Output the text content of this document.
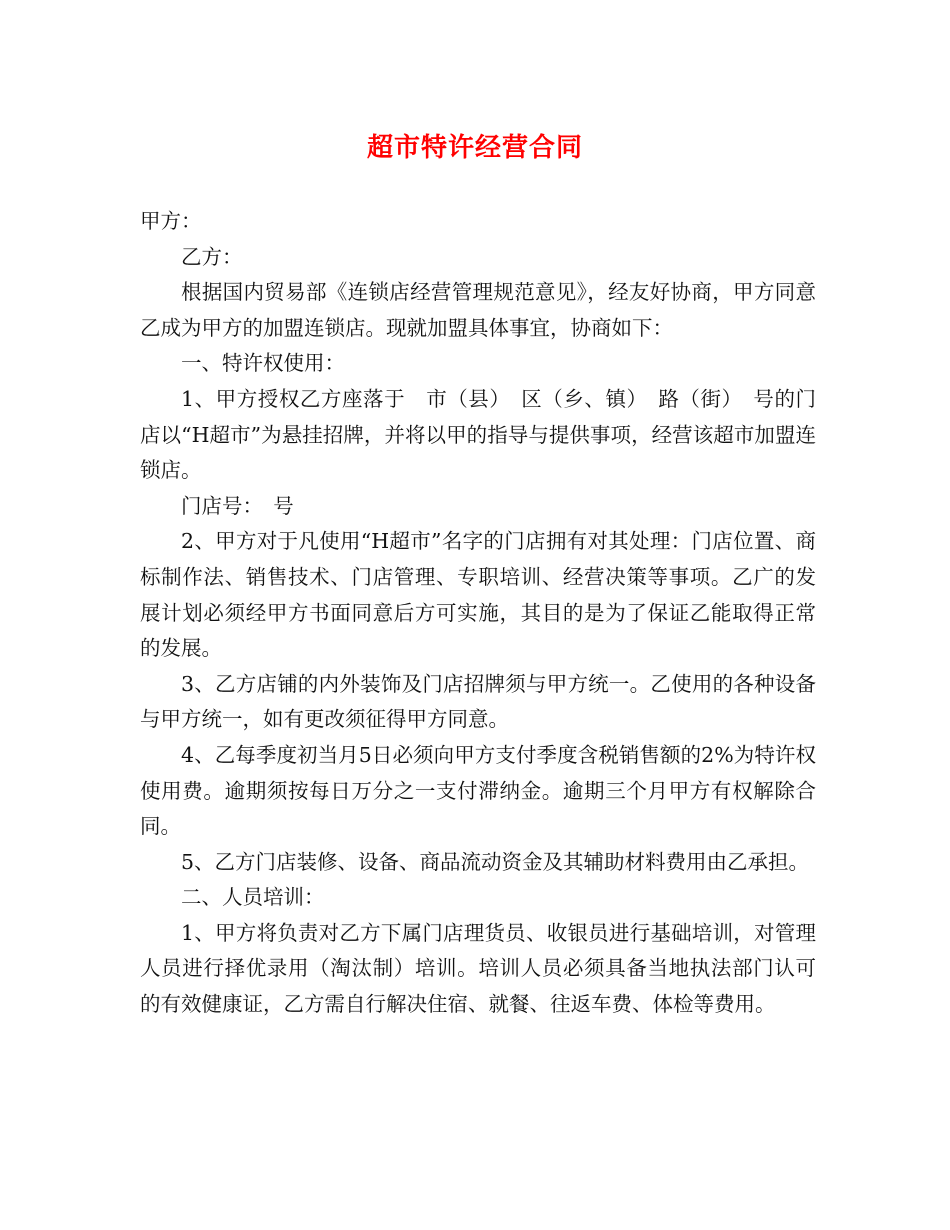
超市特许经营合同

甲方：

乙方：

根据国内贸易部《连锁店经营管理规范意见》，经友好协商，甲方同意乙成为甲方的加盟连锁店。现就加盟具体事宜，协商如下：

一、特许权使用：

1、甲方授权乙方座落于　市（县）　区（乡、镇）　路（街）　号的门店以“H超市”为悬挂招牌，并将以甲的指导与提供事项，经营该超市加盟连锁店。

门店号：　号

2、甲方对于凡使用“H超市”名字的门店拥有对其处理：门店位置、商标制作法、销售技术、门店管理、专职培训、经营决策等事项。乙广的发展计划必须经甲方书面同意后方可实施，其目的是为了保证乙能取得正常的发展。

3、乙方店铺的内外装饰及门店招牌须与甲方统一。乙使用的各种设备与甲方统一，如有更改须征得甲方同意。

4、乙每季度初当月5日必须向甲方支付季度含税销售额的2%为特许权使用费。逾期须按每日万分之一支付滞纳金。逾期三个月甲方有权解除合同。

5、乙方门店装修、设备、商品流动资金及其辅助材料费用由乙承担。

二、人员培训：

1、甲方将负责对乙方下属门店理货员、收银员进行基础培训，对管理人员进行择优录用（淘汰制）培训。培训人员必须具备当地执法部门认可的有效健康证，乙方需自行解决住宿、就餐、往返车费、体检等费用。
